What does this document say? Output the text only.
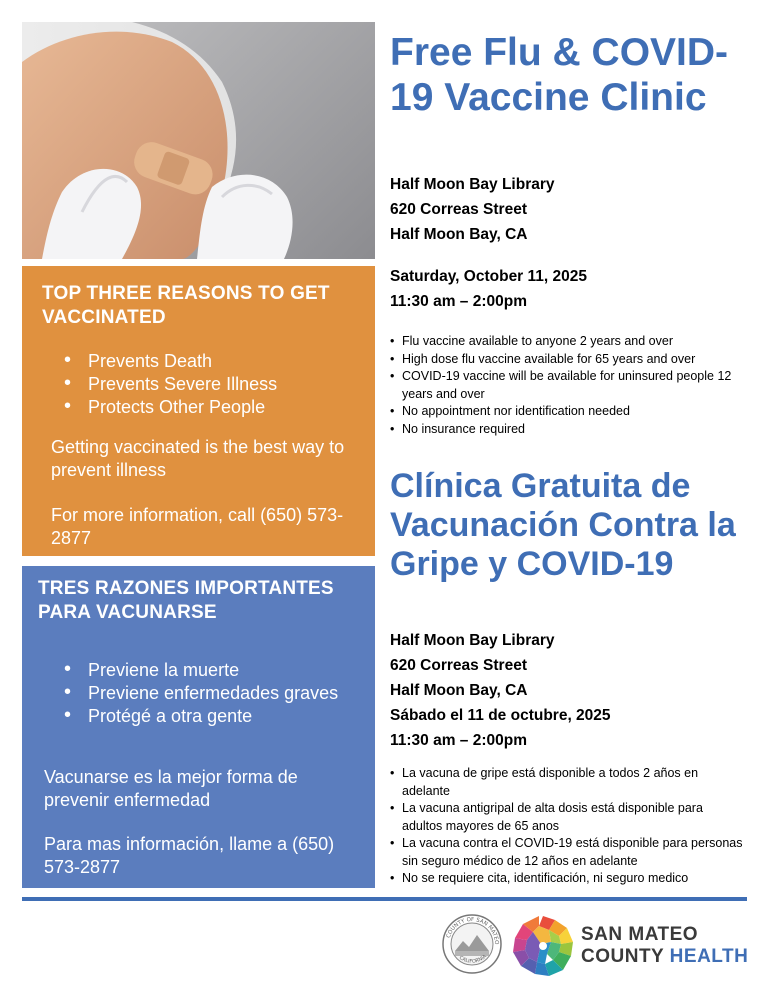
TOP THREE REASONS TO GET VACCINATED
• Prevents Death
• Prevents Severe Illness
• Protects Other People
Getting vaccinated is the best way to prevent illness
For more information, call (650) 573-2877
TRES RAZONES IMPORTANTES PARA VACUNARSE
• Previene la muerte
• Previene enfermedades graves
• Protégé a otra gente
Vacunarse es la mejor forma de prevenir enfermedad
Para mas información, llame a (650) 573-2877
Free Flu & COVID-19 Vaccine Clinic
Half Moon Bay Library
620 Correas Street
Half Moon Bay, CA
Saturday, October 11, 2025
11:30 am – 2:00pm
• Flu vaccine available to anyone 2 years and over
• High dose flu vaccine available for 65 years and over
• COVID-19 vaccine will be available for uninsured people 12 years and over
• No appointment nor identification needed
• No insurance required
Clínica Gratuita de Vacunación Contra la Gripe y COVID-19
Half Moon Bay Library
620 Correas Street
Half Moon Bay, CA
Sábado el 11 de octubre, 2025
11:30 am – 2:00pm
• La vacuna de gripe está disponible a todos 2 años en adelante
• La vacuna antigripal de alta dosis está disponible para adultos mayores de 65 anos
• La vacuna contra el COVID-19 está disponible para personas sin seguro médico de 12 años en adelante
• No se requiere cita, identificación, ni seguro medico
COUNTY OF SAN MATEO
CALIFORNIA
SAN MATEO
COUNTY HEALTH
